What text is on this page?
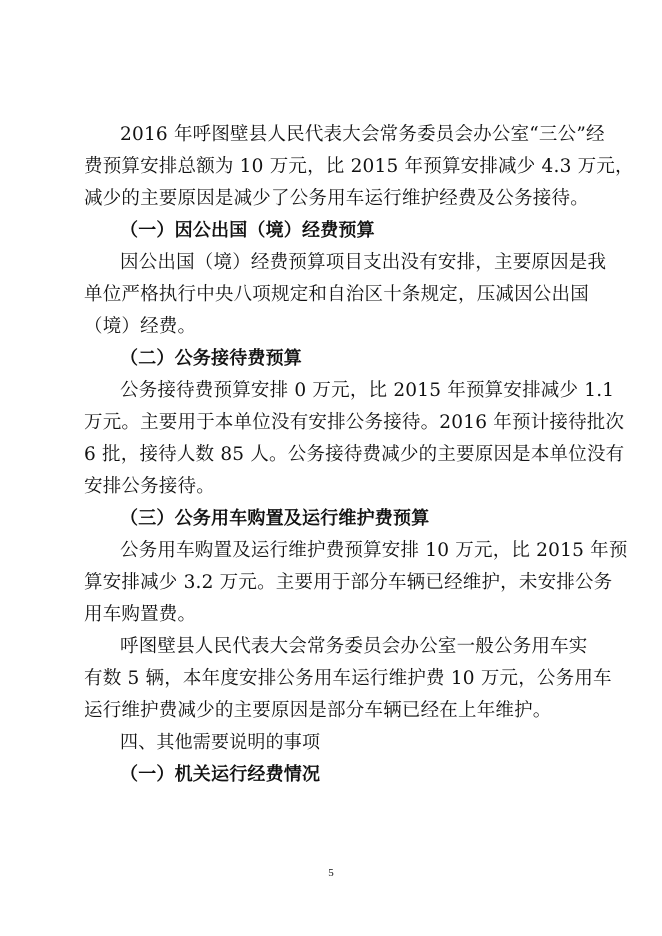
2016 年呼图壁县人民代表大会常务委员会办公室“三公”经
费预算安排总额为 10 万元，比 2015 年预算安排减少 4.3 万元，
减少的主要原因是减少了公务用车运行维护经费及公务接待。
（一）因公出国（境）经费预算
因公出国（境）经费预算项目支出没有安排，主要原因是我
单位严格执行中央八项规定和自治区十条规定，压减因公出国
（境）经费。
（二）公务接待费预算
公务接待费预算安排 0 万元，比 2015 年预算安排减少 1.1
万元。主要用于本单位没有安排公务接待。2016 年预计接待批次
6 批，接待人数 85 人。公务接待费减少的主要原因是本单位没有
安排公务接待。
（三）公务用车购置及运行维护费预算
公务用车购置及运行维护费预算安排 10 万元，比 2015 年预
算安排减少 3.2 万元。主要用于部分车辆已经维护，未安排公务
用车购置费。
呼图壁县人民代表大会常务委员会办公室一般公务用车实
有数 5 辆，本年度安排公务用车运行维护费 10 万元，公务用车
运行维护费减少的主要原因是部分车辆已经在上年维护。
四、其他需要说明的事项
（一）机关运行经费情况
5
